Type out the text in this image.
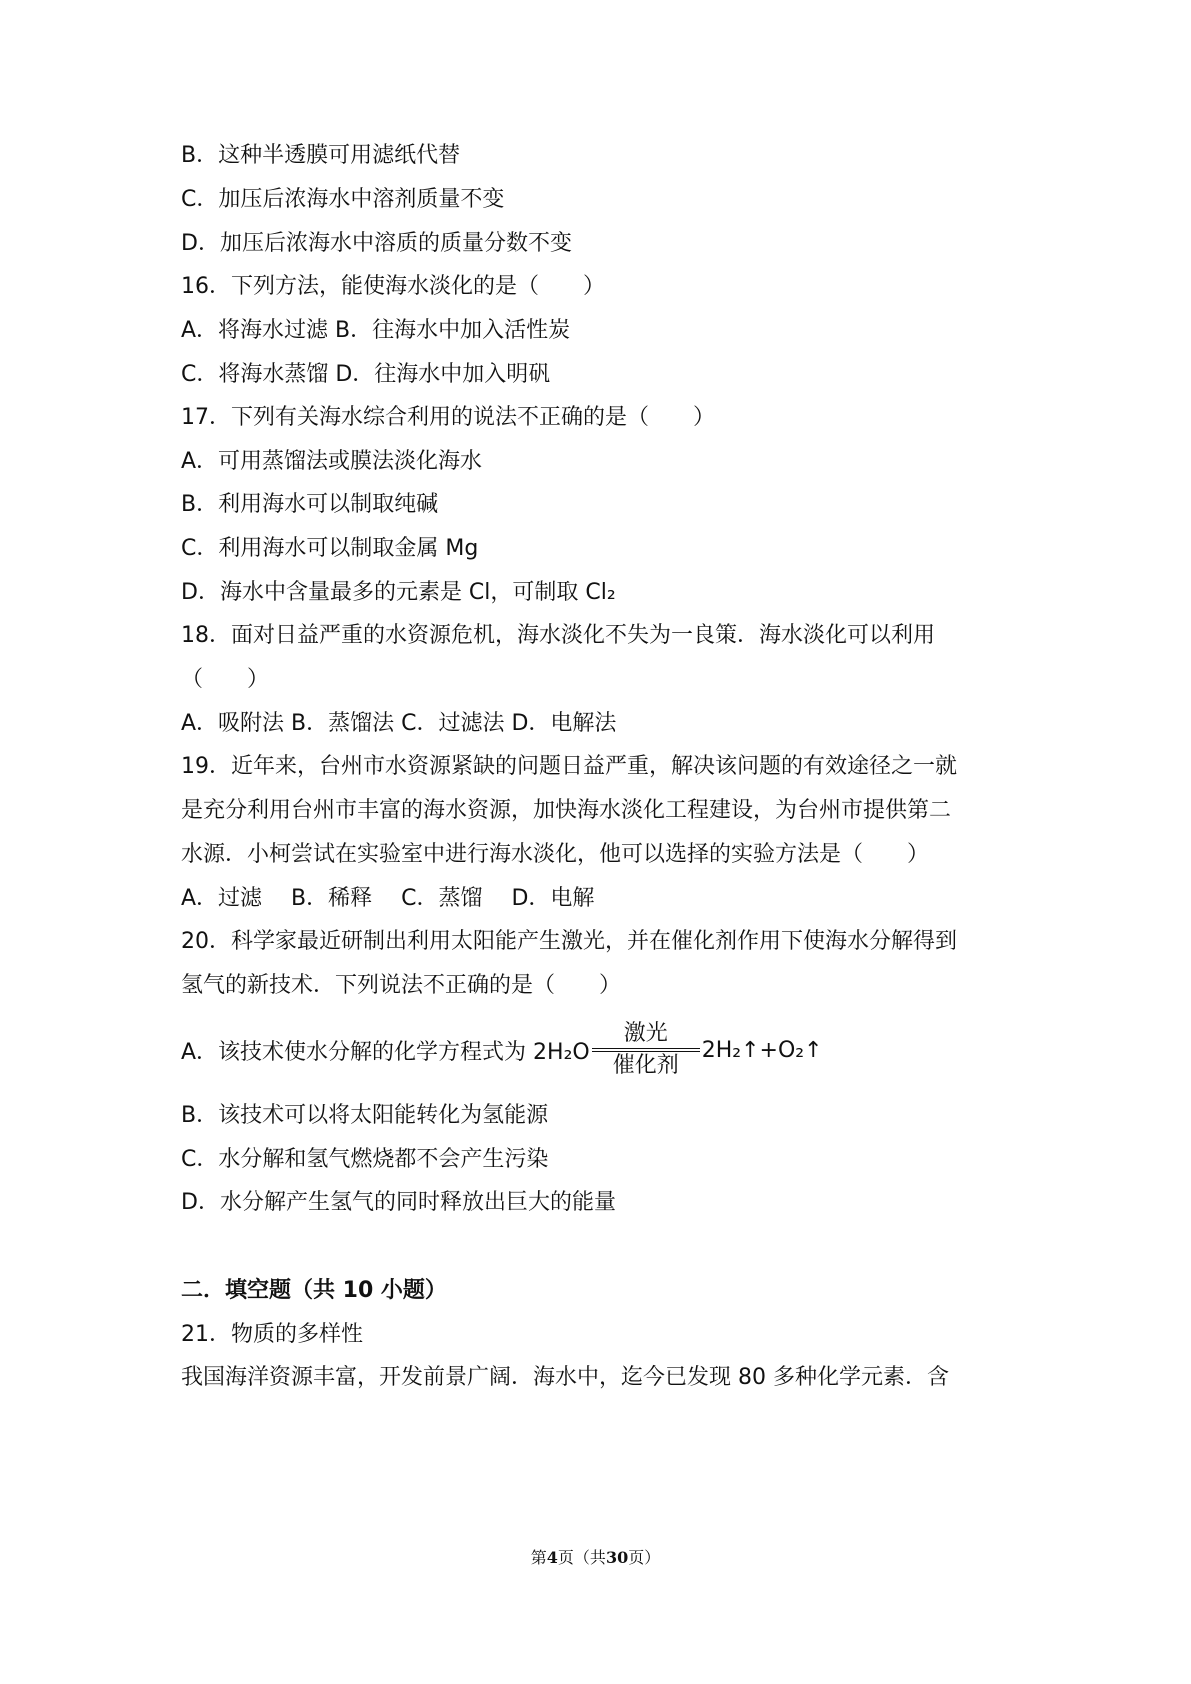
B．这种半透膜可用滤纸代替
C．加压后浓海水中溶剂质量不变
D．加压后浓海水中溶质的质量分数不变
16．下列方法，能使海水淡化的是（　　）
A．将海水过滤 B．往海水中加入活性炭
C．将海水蒸馏 D．往海水中加入明矾
17．下列有关海水综合利用的说法不正确的是（　　）
A．可用蒸馏法或膜法淡化海水
B．利用海水可以制取纯碱
C．利用海水可以制取金属 Mg
D．海水中含量最多的元素是 Cl，可制取 Cl₂
18．面对日益严重的水资源危机，海水淡化不失为一良策．海水淡化可以利用
（　　）
A．吸附法 B．蒸馏法 C．过滤法 D．电解法
19．近年来，台州市水资源紧缺的问题日益严重，解决该问题的有效途径之一就
是充分利用台州市丰富的海水资源，加快海水淡化工程建设，为台州市提供第二
水源．小柯尝试在实验室中进行海水淡化，他可以选择的实验方法是（　　）
A．过滤　 B．稀释　 C．蒸馏　 D．电解
20．科学家最近研制出利用太阳能产生激光，并在催化剂作用下使海水分解得到
氢气的新技术．下列说法不正确的是（　　）
A．该技术使水分解的化学方程式为 2H₂O
激光
催化剂
2H₂↑+O₂↑
B．该技术可以将太阳能转化为氢能源
C．水分解和氢气燃烧都不会产生污染
D．水分解产生氢气的同时释放出巨大的能量
二．填空题（共 10 小题）
21．物质的多样性
我国海洋资源丰富，开发前景广阔．海水中，迄今已发现 80 多种化学元素．含
第4页（共30页）
